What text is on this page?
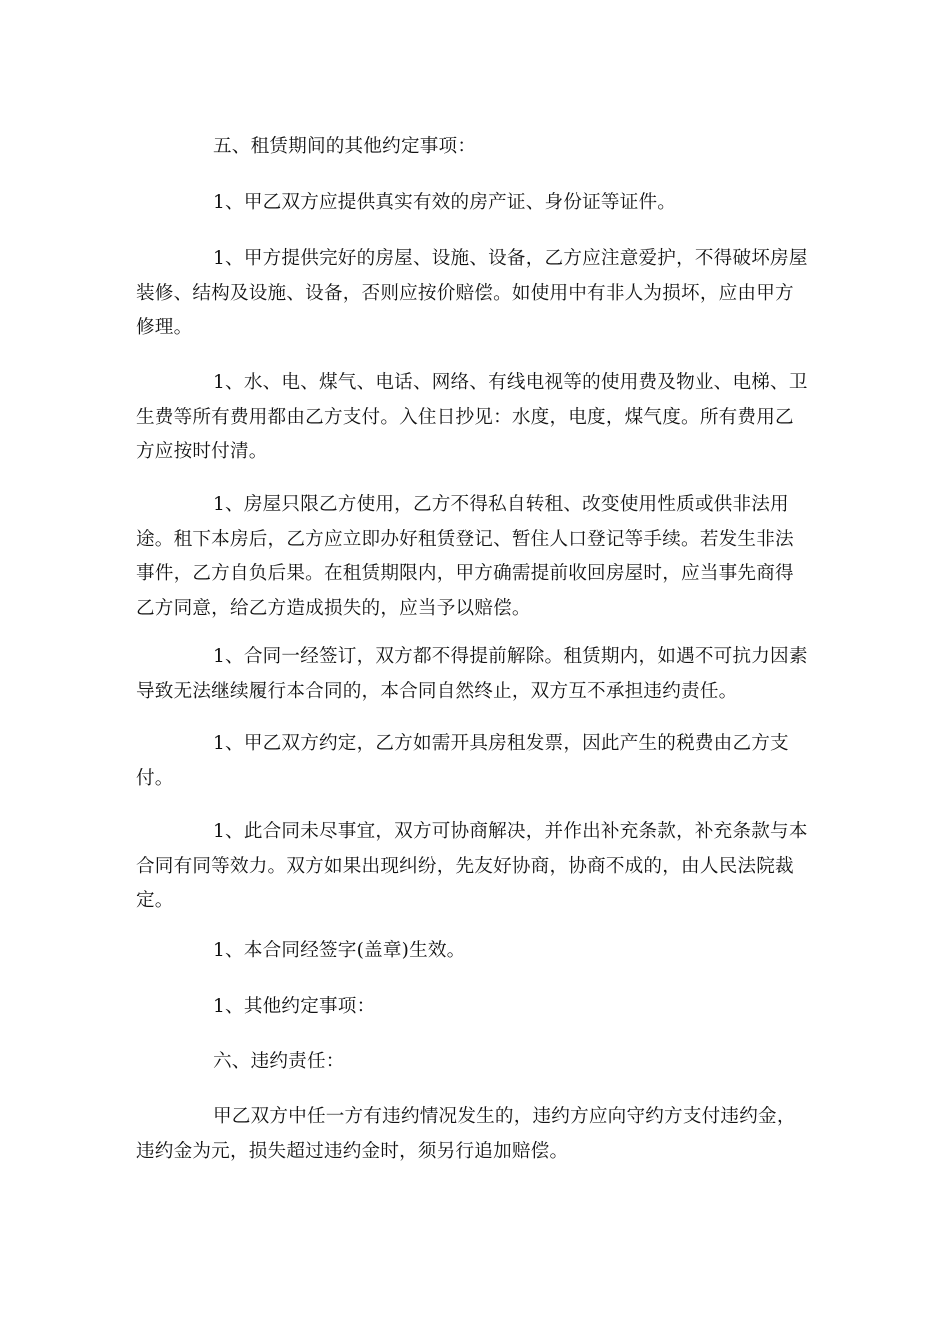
五、租赁期间的其他约定事项：

1、甲乙双方应提供真实有效的房产证、身份证等证件。

1、甲方提供完好的房屋、设施、设备，乙方应注意爱护，不得破坏房屋装修、结构及设施、设备，否则应按价赔偿。如使用中有非人为损坏，应由甲方修理。

1、水、电、煤气、电话、网络、有线电视等的使用费及物业、电梯、卫生费等所有费用都由乙方支付。入住日抄见：水度，电度，煤气度。所有费用乙方应按时付清。

1、房屋只限乙方使用，乙方不得私自转租、改变使用性质或供非法用途。租下本房后，乙方应立即办好租赁登记、暂住人口登记等手续。若发生非法事件，乙方自负后果。在租赁期限内，甲方确需提前收回房屋时，应当事先商得乙方同意，给乙方造成损失的，应当予以赔偿。

1、合同一经签订，双方都不得提前解除。租赁期内，如遇不可抗力因素导致无法继续履行本合同的，本合同自然终止，双方互不承担违约责任。

1、甲乙双方约定，乙方如需开具房租发票，因此产生的税费由乙方支付。

1、此合同未尽事宜，双方可协商解决，并作出补充条款，补充条款与本合同有同等效力。双方如果出现纠纷，先友好协商，协商不成的，由人民法院裁定。

1、本合同经签字(盖章)生效。

1、其他约定事项：

六、违约责任：

甲乙双方中任一方有违约情况发生的，违约方应向守约方支付违约金，违约金为元，损失超过违约金时，须另行追加赔偿。
